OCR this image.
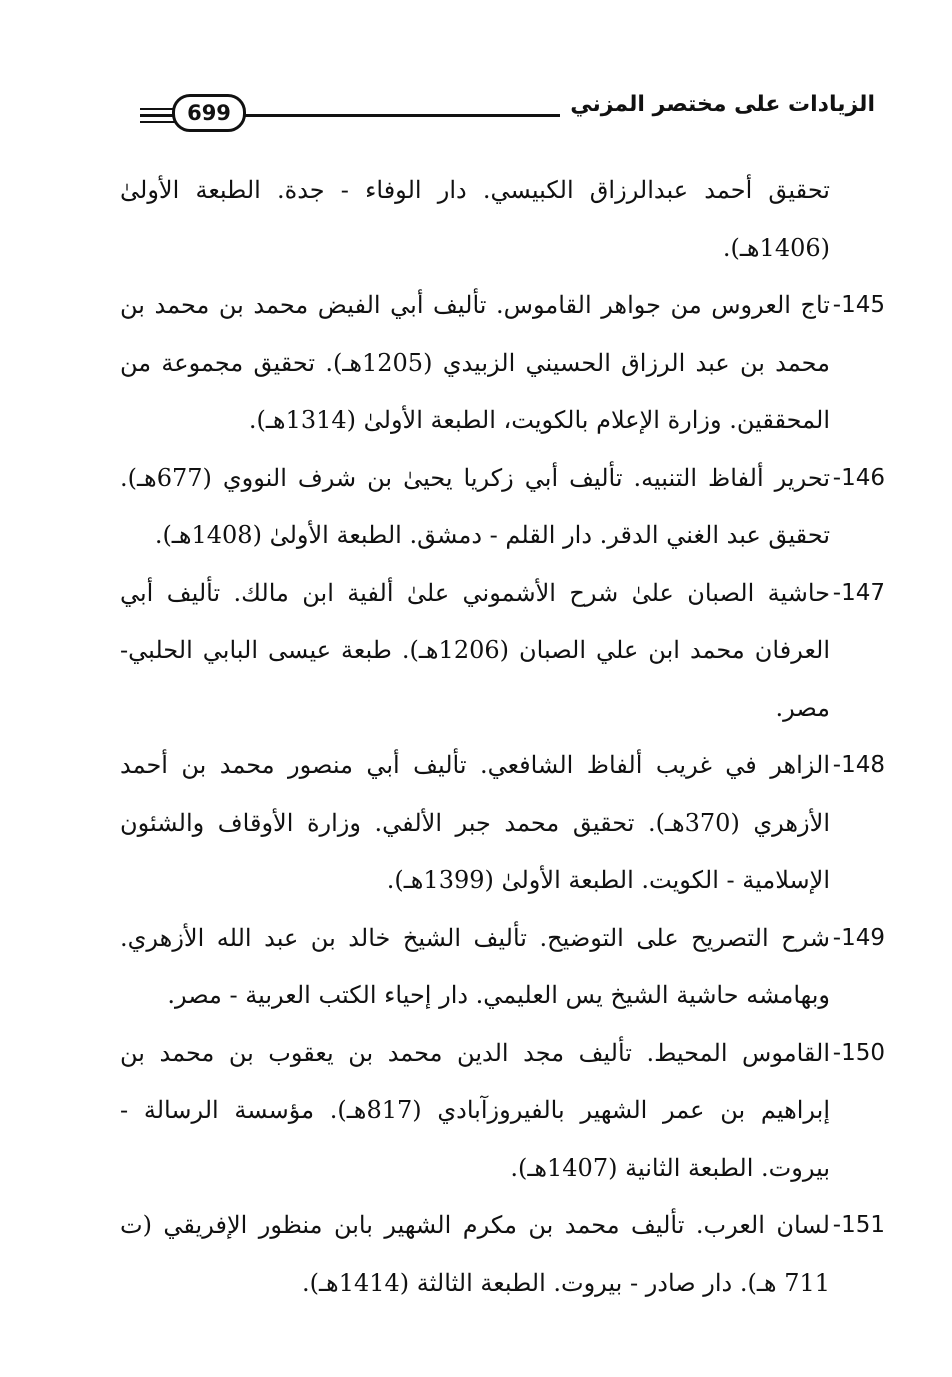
699	الزيادات على مختصر المزني
تحقيق أحمد عبدالرزاق الكبيسي. دار الوفاء - جدة. الطبعة الأولىٰ (1406هـ).
145-
تاج العروس من جواهر القاموس. تأليف أبي الفيض محمد بن محمد بن محمد بن عبد الرزاق الحسيني الزبيدي (1205هـ). تحقيق مجموعة من المحققين. وزارة الإعلام بالكويت، الطبعة الأولىٰ (1314هـ).
146-
تحرير ألفاظ التنبيه. تأليف أبي زكريا يحيىٰ بن شرف النووي (677هـ). تحقيق عبد الغني الدقر. دار القلم - دمشق. الطبعة الأولىٰ (1408هـ).
147-
حاشية الصبان علىٰ شرح الأشموني علىٰ ألفية ابن مالك. تأليف أبي العرفان محمد ابن علي الصبان (1206هـ). طبعة عيسى البابي الحلبي- مصر.
148-
الزاهر في غريب ألفاظ الشافعي. تأليف أبي منصور محمد بن أحمد الأزهري (370هـ). تحقيق محمد جبر الألفي. وزارة الأوقاف والشئون الإسلامية - الكويت. الطبعة الأولىٰ (1399هـ).
149-
شرح التصريح على التوضيح. تأليف الشيخ خالد بن عبد الله الأزهري. وبهامشه حاشية الشيخ يس العليمي. دار إحياء الكتب العربية - مصر.
150-
القاموس المحيط. تأليف مجد الدين محمد بن يعقوب بن محمد بن إبراهيم بن عمر الشهير بالفيروزآبادي (817هـ). مؤسسة الرسالة - بيروت. الطبعة الثانية (1407هـ).
151-
لسان العرب. تأليف محمد بن مكرم الشهير بابن منظور الإفريقي (ت 711 هـ). دار صادر - بيروت. الطبعة الثالثة (1414هـ).
